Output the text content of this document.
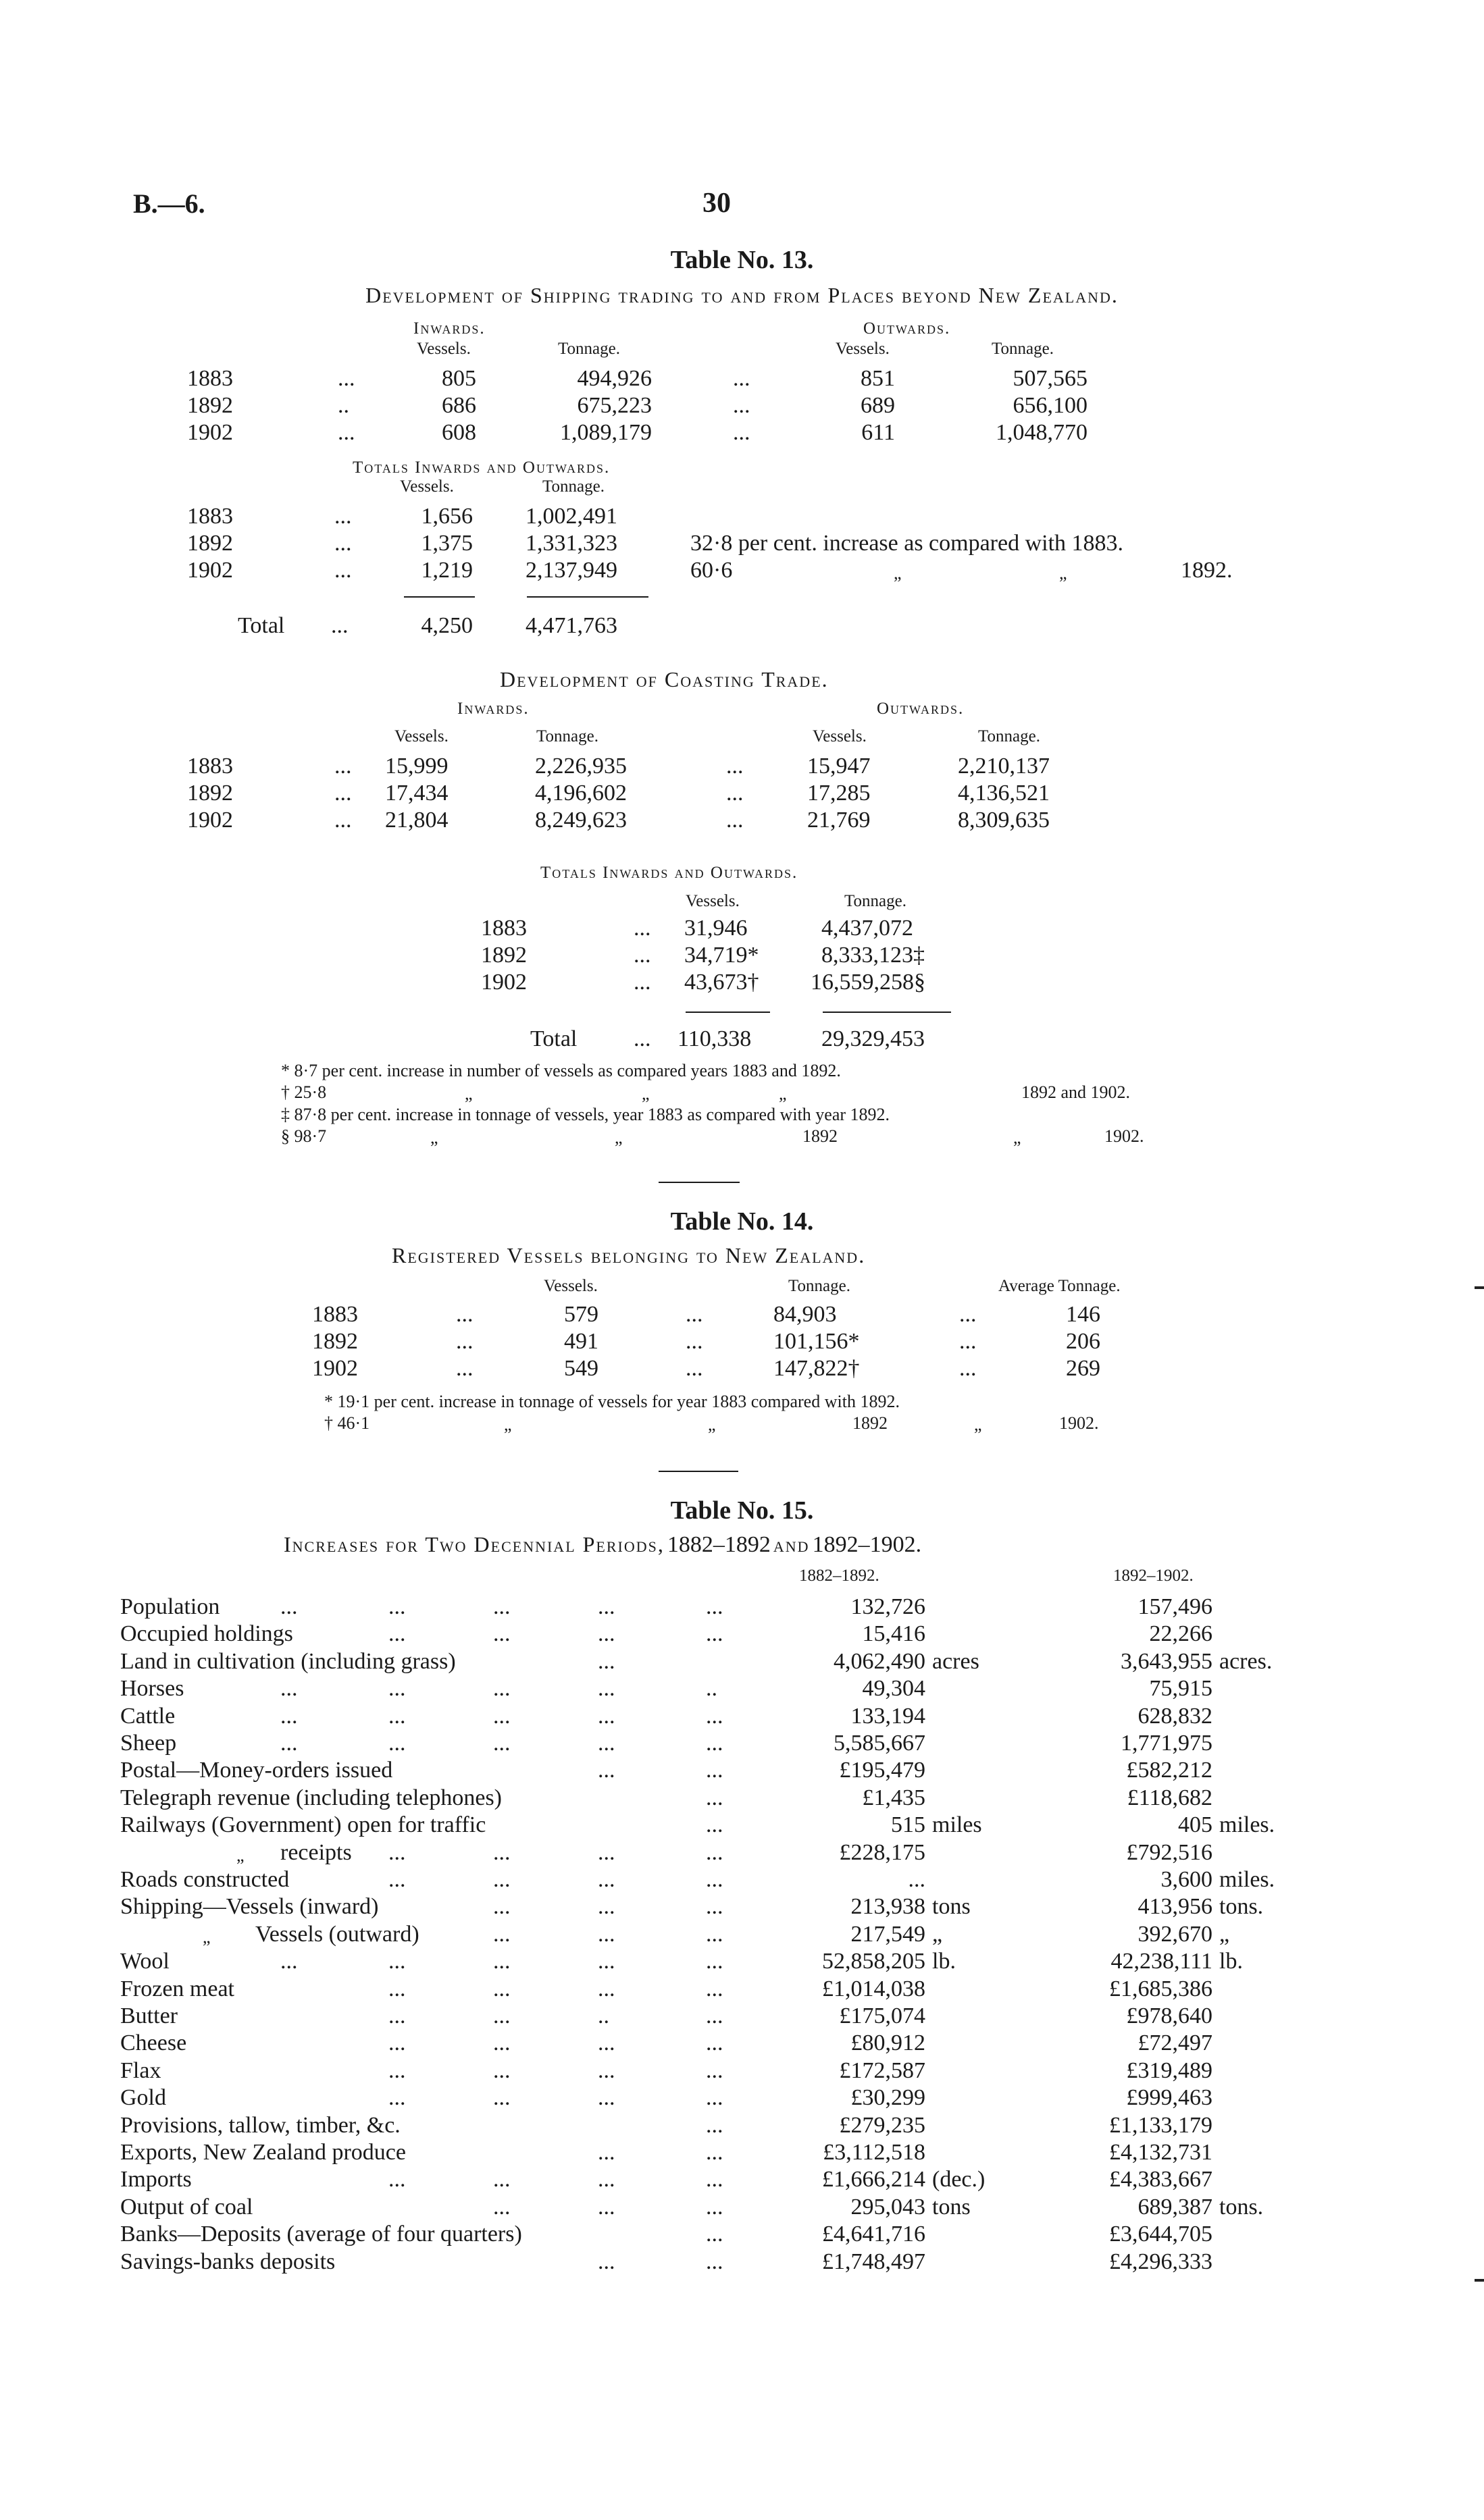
B.—6.	30
Table No. 13.
Development of Shipping trading to and from Places beyond New Zealand.
Inwards.	Outwards.
Vessels.	Tonnage.	Vessels.	Tonnage.
1883	...	805	494,926	...	851	507,565
1892	..	686	675,223	...	689	656,100
1902	...	608	1,089,179	...	611	1,048,770
Totals Inwards and Outwards.
Vessels.	Tonnage.
1883	...	1,656 1,002,491
1892	...	1,375 1,331,323	32·8 per cent. increase as compared with 1883.
1902	...	1,219 2,137,949	60·6	„	„	1892.
Total ...	4,250 4,471,763
Development of Coasting Trade.
Inwards.	Outwards.
Vessels.	Tonnage.	Vessels.	Tonnage.
1883	... 15,999	2,226,935	...	15,947	2,210,137
1892	... 17,434	4,196,602	...	17,285	4,136,521
1902	... 21,804	8,249,623	...	21,769	8,309,635
Totals Inwards and Outwards.
Vessels.	Tonnage.
1883	... 31,946	4,437,072
1892	... 34,719*	8,333,123‡
1902	... 43,673† 16,559,258§
Total ... 110,338	29,329,453
* 8·7 per cent. increase in number of vessels as compared years 1883 and 1892.
† 25·8	„	„	„	1892 and 1902.
‡ 87·8 per cent. increase in tonnage of vessels, year 1883 as compared with year 1892.
§ 98·7	„	„	1892	„	1902.
Table No. 14.
Registered Vessels belonging to New Zealand.
Vessels.	Tonnage.	Average Tonnage.
1883	...	579	...	84,903	...	146
1892	...	491	...	101,156*	...	206
1902	...	549	...	147,822†	...	269
* 19·1 per cent. increase in tonnage of vessels for year 1883 compared with 1892.
† 46·1	„	„	1892	„	1902.
Table No. 15.
Increases for Two Decennial Periods, 1882–1892 and 1892–1902.
1882–1892.	1892–1902.
Population	...	...	...	...	...	132,726	157,496
Occupied holdings	...	...	...	...	15,416	22,266
Land in cultivation (including grass)	...	4,062,490 acres	3,643,955 acres.
Horses	...	...	...	...	..	49,304	75,915
Cattle	...	...	...	...	...	133,194	628,832
Sheep	...	...	...	...	...	5,585,667	1,771,975
Postal—Money-orders issued	...	...	£195,479	£582,212
Telegraph revenue (including telephones)	...	£1,435	£118,682
Railways (Government) open for traffic	...	515 miles	405 miles.
„ receipts ...	...	...	...	£228,175	£792,516
Roads constructed	...	...	...	...	...	3,600 miles.
Shipping—Vessels (inward)	...	...	...	213,938 tons	413,956 tons.
„ Vessels (outward)	...	...	...	217,549 „	392,670 „
Wool	...	...	...	...	...	52,858,205 lb.	42,238,111 lb.
Frozen meat	...	...	...	...	£1,014,038	£1,685,386
Butter	...	...	..	...	£175,074	£978,640
Cheese	...	...	...	...	£80,912	£72,497
Flax	...	...	...	...	£172,587	£319,489
Gold	...	...	...	...	£30,299	£999,463
Provisions, tallow, timber, &c.	...	£279,235	£1,133,179
Exports, New Zealand produce	...	...	£3,112,518	£4,132,731
Imports	...	...	...	...	£1,666,214 (dec.)	£4,383,667
Output of coal	...	...	...	295,043 tons	689,387 tons.
Banks—Deposits (average of four quarters)	...	£4,641,716	£3,644,705
Savings-banks deposits	...	...	£1,748,497	£4,296,333
